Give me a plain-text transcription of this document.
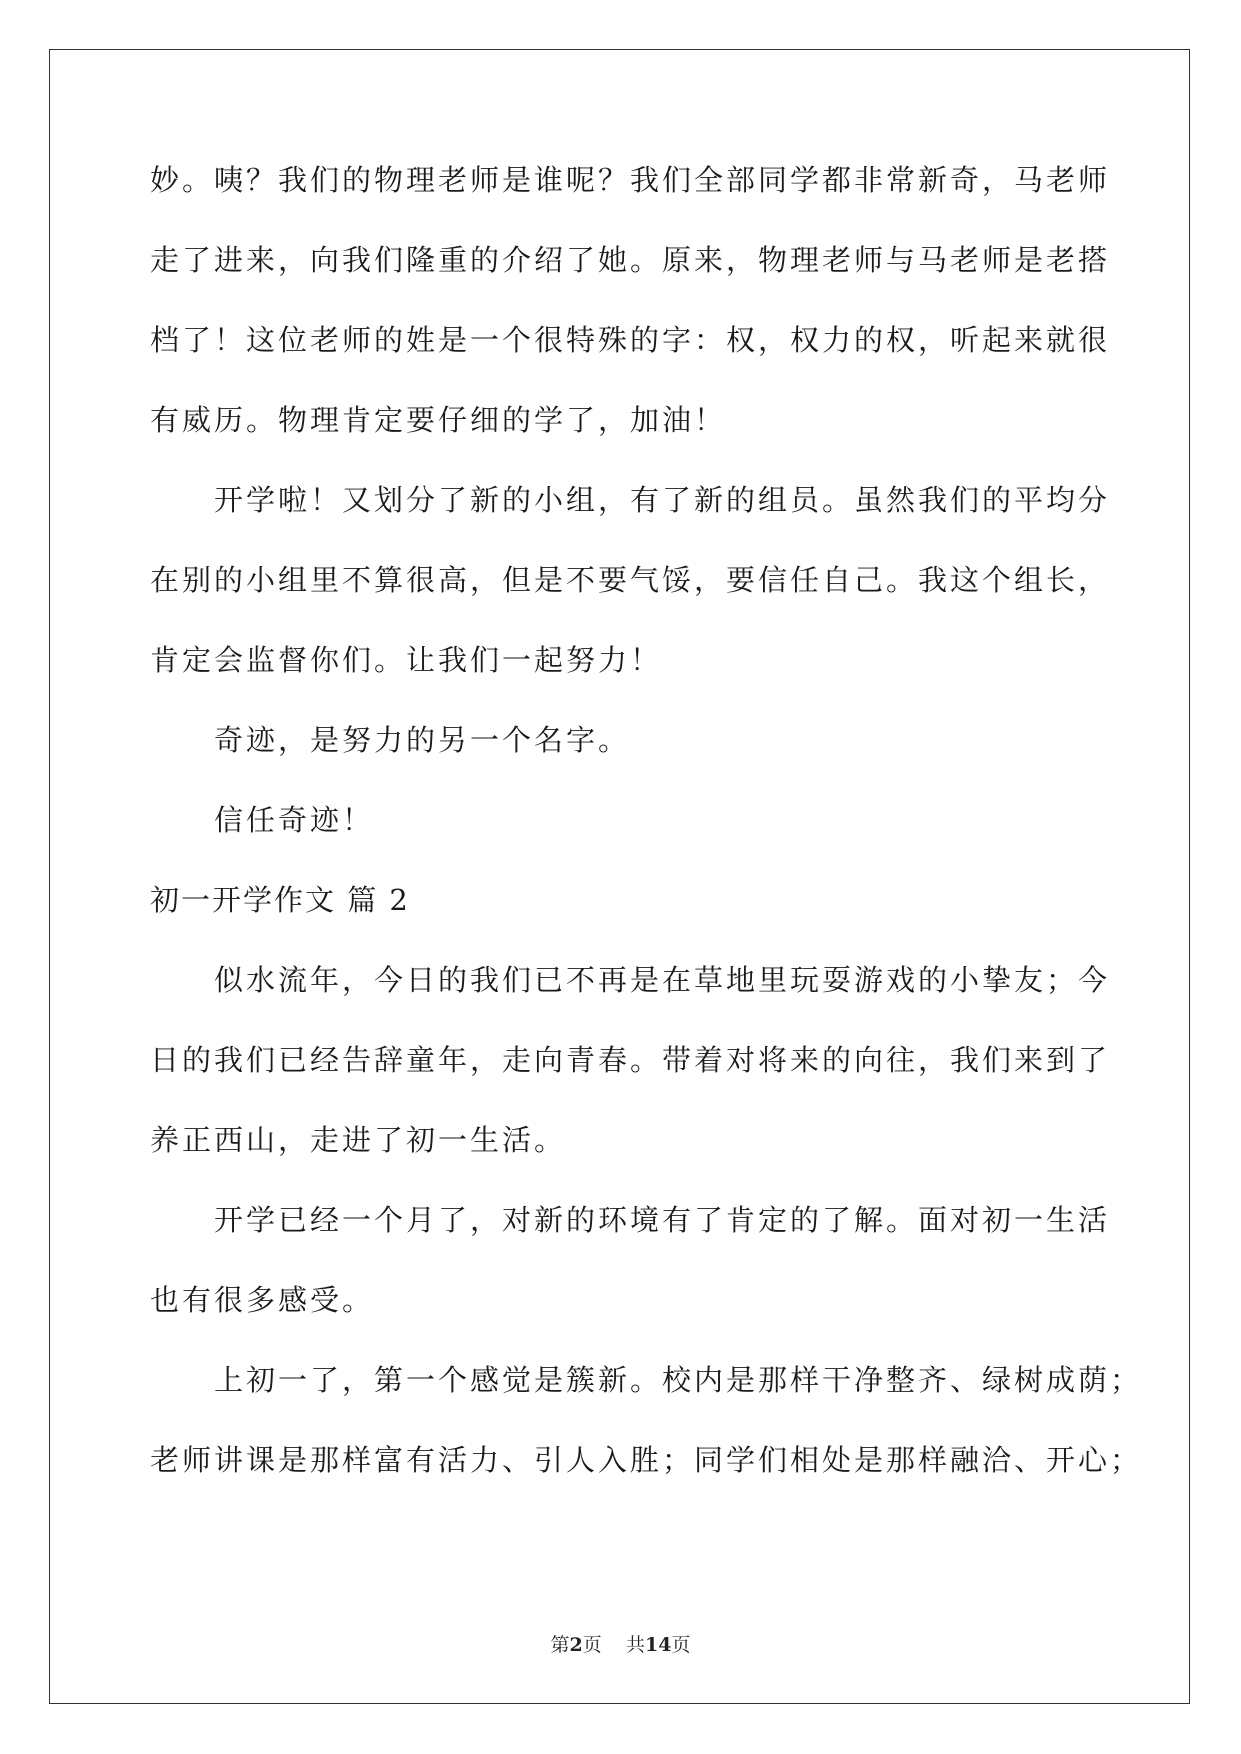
妙。咦？我们的物理老师是谁呢？我们全部同学都非常新奇，马老师
走了进来，向我们隆重的介绍了她。原来，物理老师与马老师是老搭
档了！这位老师的姓是一个很特殊的字：权，权力的权，听起来就很
有威历。物理肯定要仔细的学了，加油！
开学啦！又划分了新的小组，有了新的组员。虽然我们的平均分
在别的小组里不算很高，但是不要气馁，要信任自己。我这个组长，
肯定会监督你们。让我们一起努力！
奇迹，是努力的另一个名字。
信任奇迹！
初一开学作文 篇 2
似水流年，今日的我们已不再是在草地里玩耍游戏的小挚友；今
日的我们已经告辞童年，走向青春。带着对将来的向往，我们来到了
养正西山，走进了初一生活。
开学已经一个月了，对新的环境有了肯定的了解。面对初一生活
也有很多感受。
上初一了，第一个感觉是簇新。校内是那样干净整齐、绿树成荫；
老师讲课是那样富有活力、引人入胜；同学们相处是那样融洽、开心；
第2页 共14页
